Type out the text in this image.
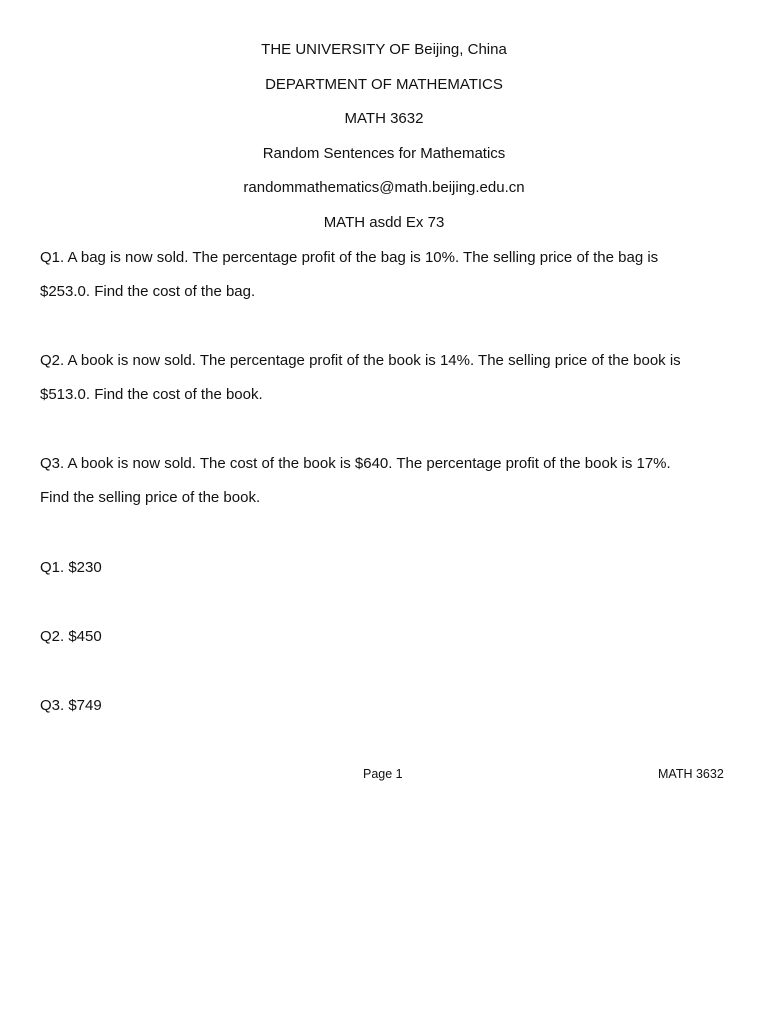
THE UNIVERSITY OF Beijing, China
DEPARTMENT OF MATHEMATICS
MATH 3632
Random Sentences for Mathematics
randommathematics@math.beijing.edu.cn
MATH asdd Ex 73
Q1. A bag is now sold. The percentage profit of the bag is 10%. The selling price of the bag is
$253.0. Find the cost of the bag.
Q2. A book is now sold. The percentage profit of the book is 14%. The selling price of the book is
$513.0. Find the cost of the book.
Q3. A book is now sold. The cost of the book is $640. The percentage profit of the book is 17%.
Find the selling price of the book.
Q1. $230
Q2. $450
Q3. $749
Page 1	MATH 3632
